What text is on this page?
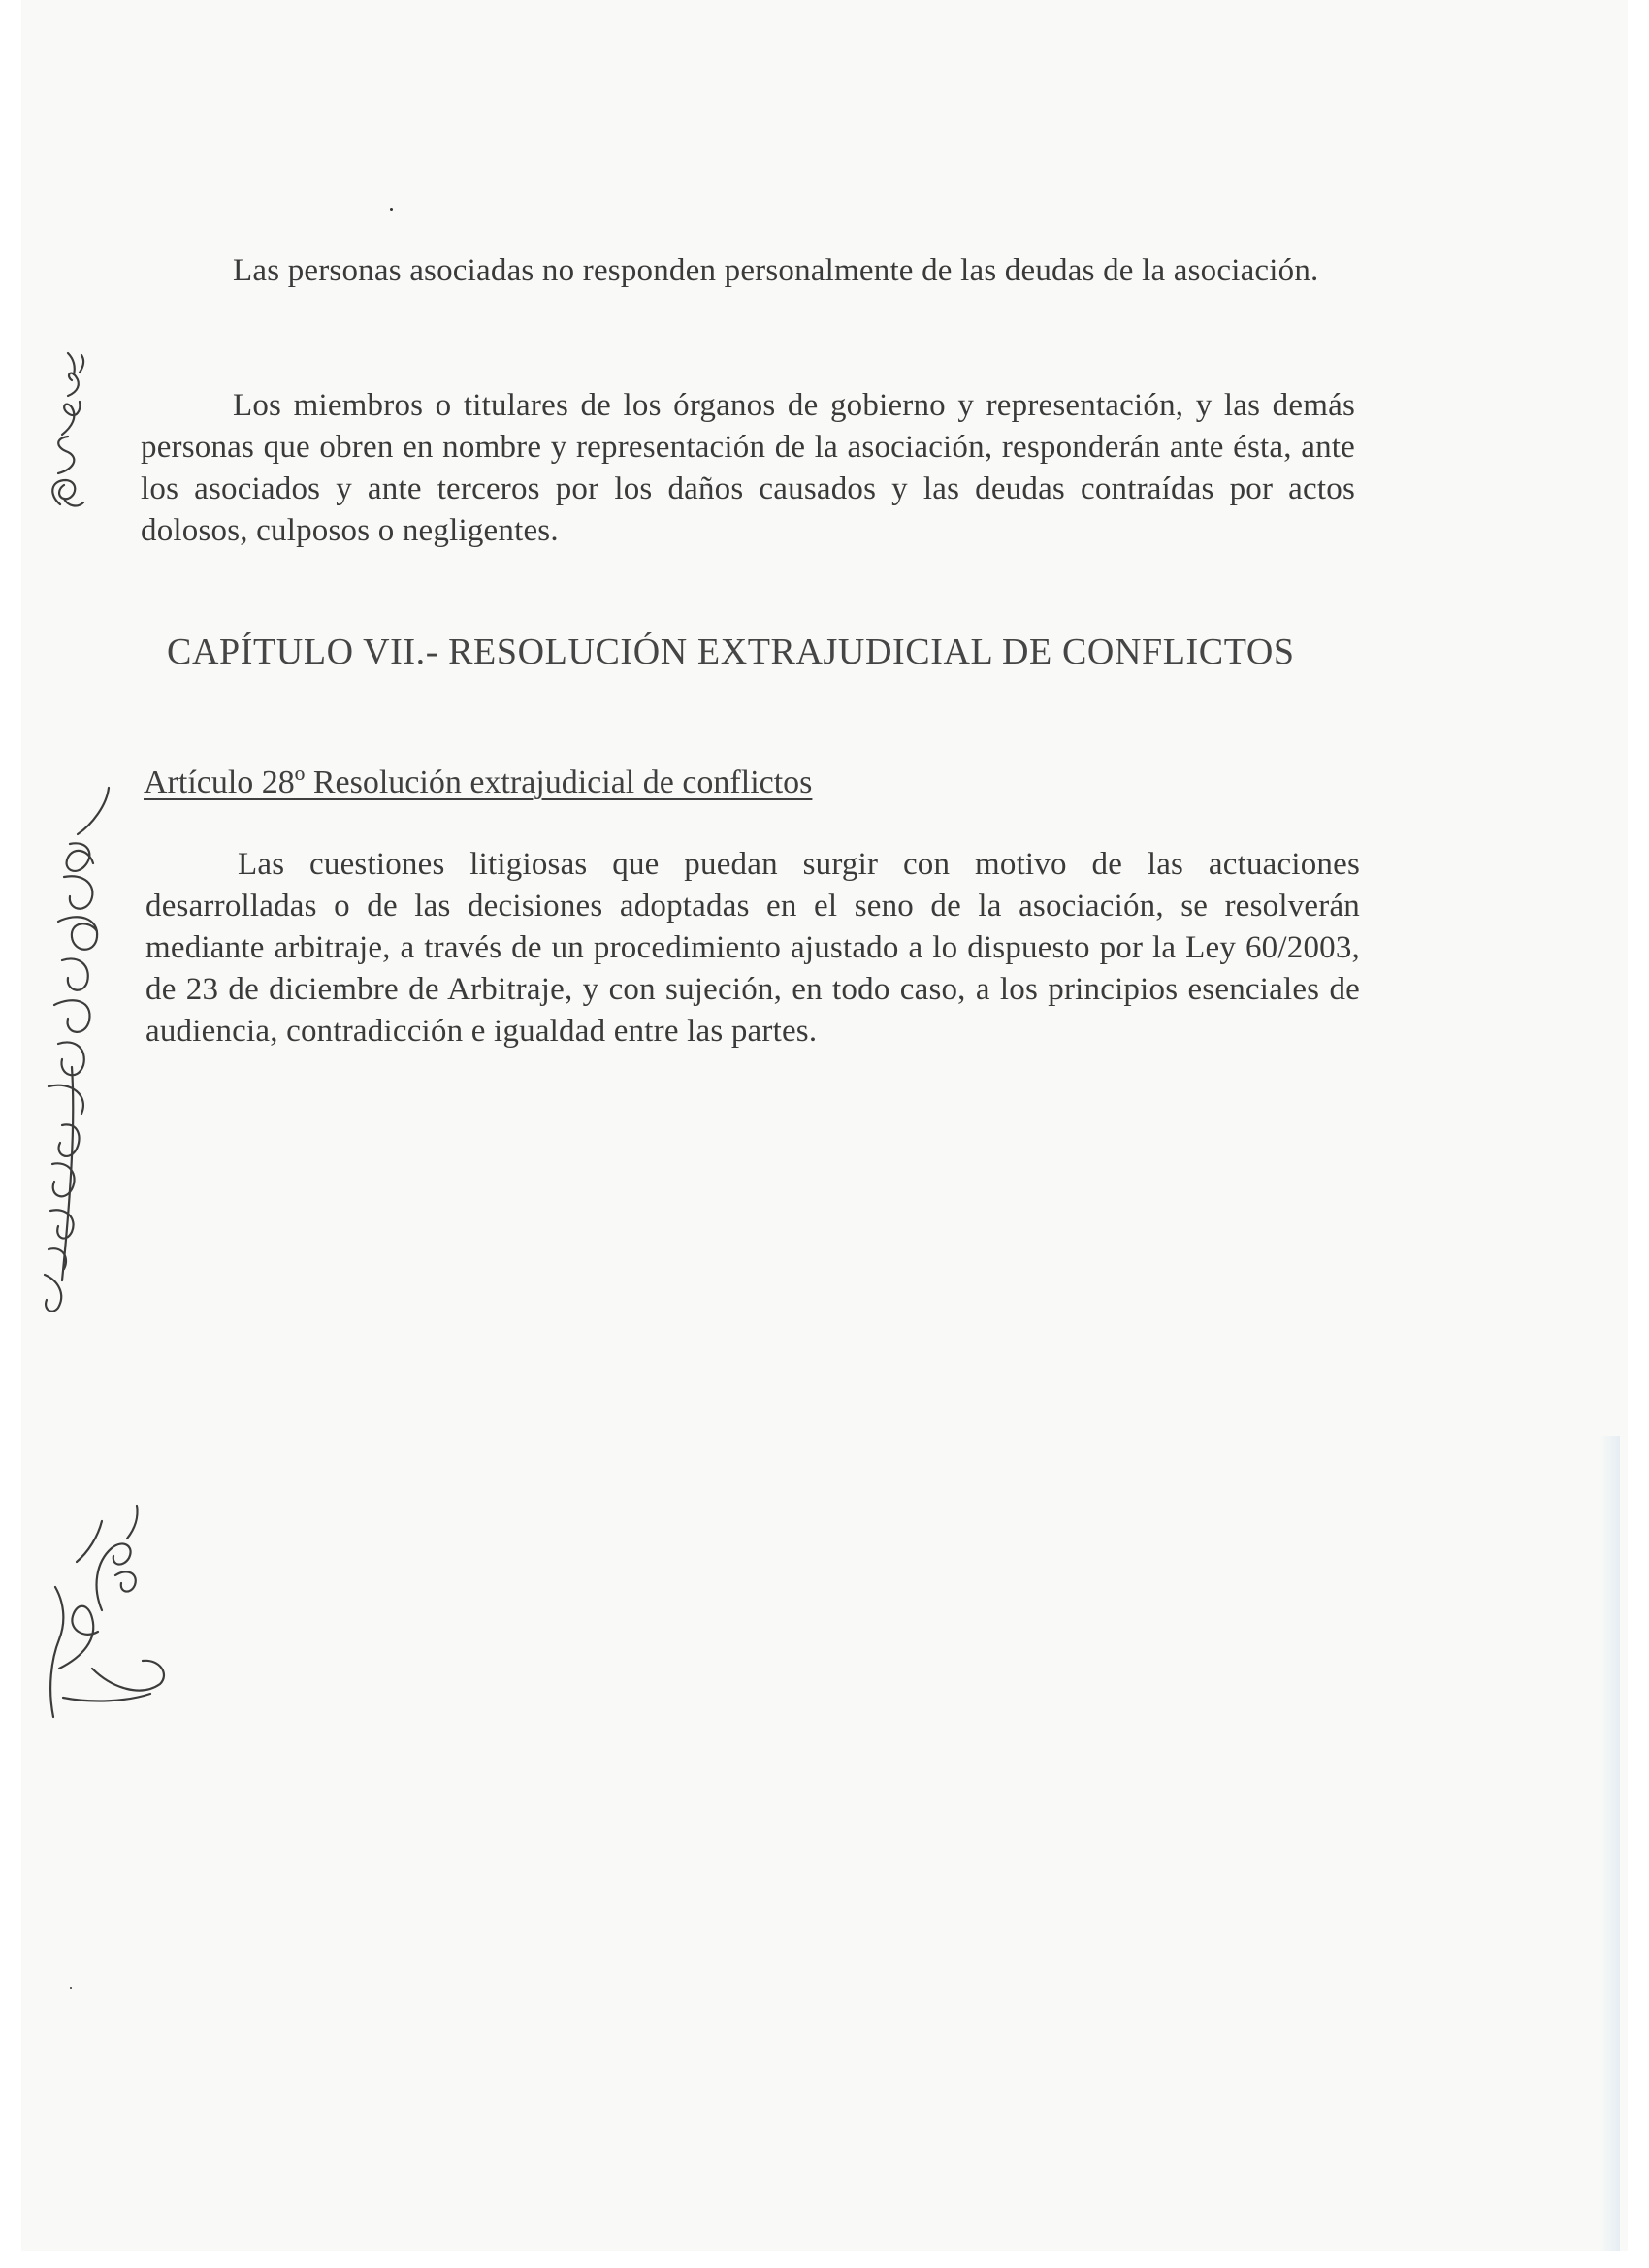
Las personas asociadas no responden personalmente de las deudas de la asociación.

Los miembros o titulares de los órganos de gobierno y representación, y las demás personas que obren en nombre y representación de la asociación, responderán ante ésta, ante los asociados y ante terceros por los daños causados y las deudas contraídas por actos dolosos, culposos o negligentes.

CAPÍTULO VII.- RESOLUCIÓN EXTRAJUDICIAL DE CONFLICTOS
Artículo 28º Resolución extrajudicial de conflictos

Las cuestiones litigiosas que puedan surgir con motivo de las actuaciones desarrolladas o de las decisiones adoptadas en el seno de la asociación, se resolverán mediante arbitraje, a través de un procedimiento ajustado a lo dispuesto por la Ley 60/2003, de 23 de diciembre de Arbitraje, y con sujeción, en todo caso, a los principios esenciales de audiencia, contradicción e igualdad entre las partes.
